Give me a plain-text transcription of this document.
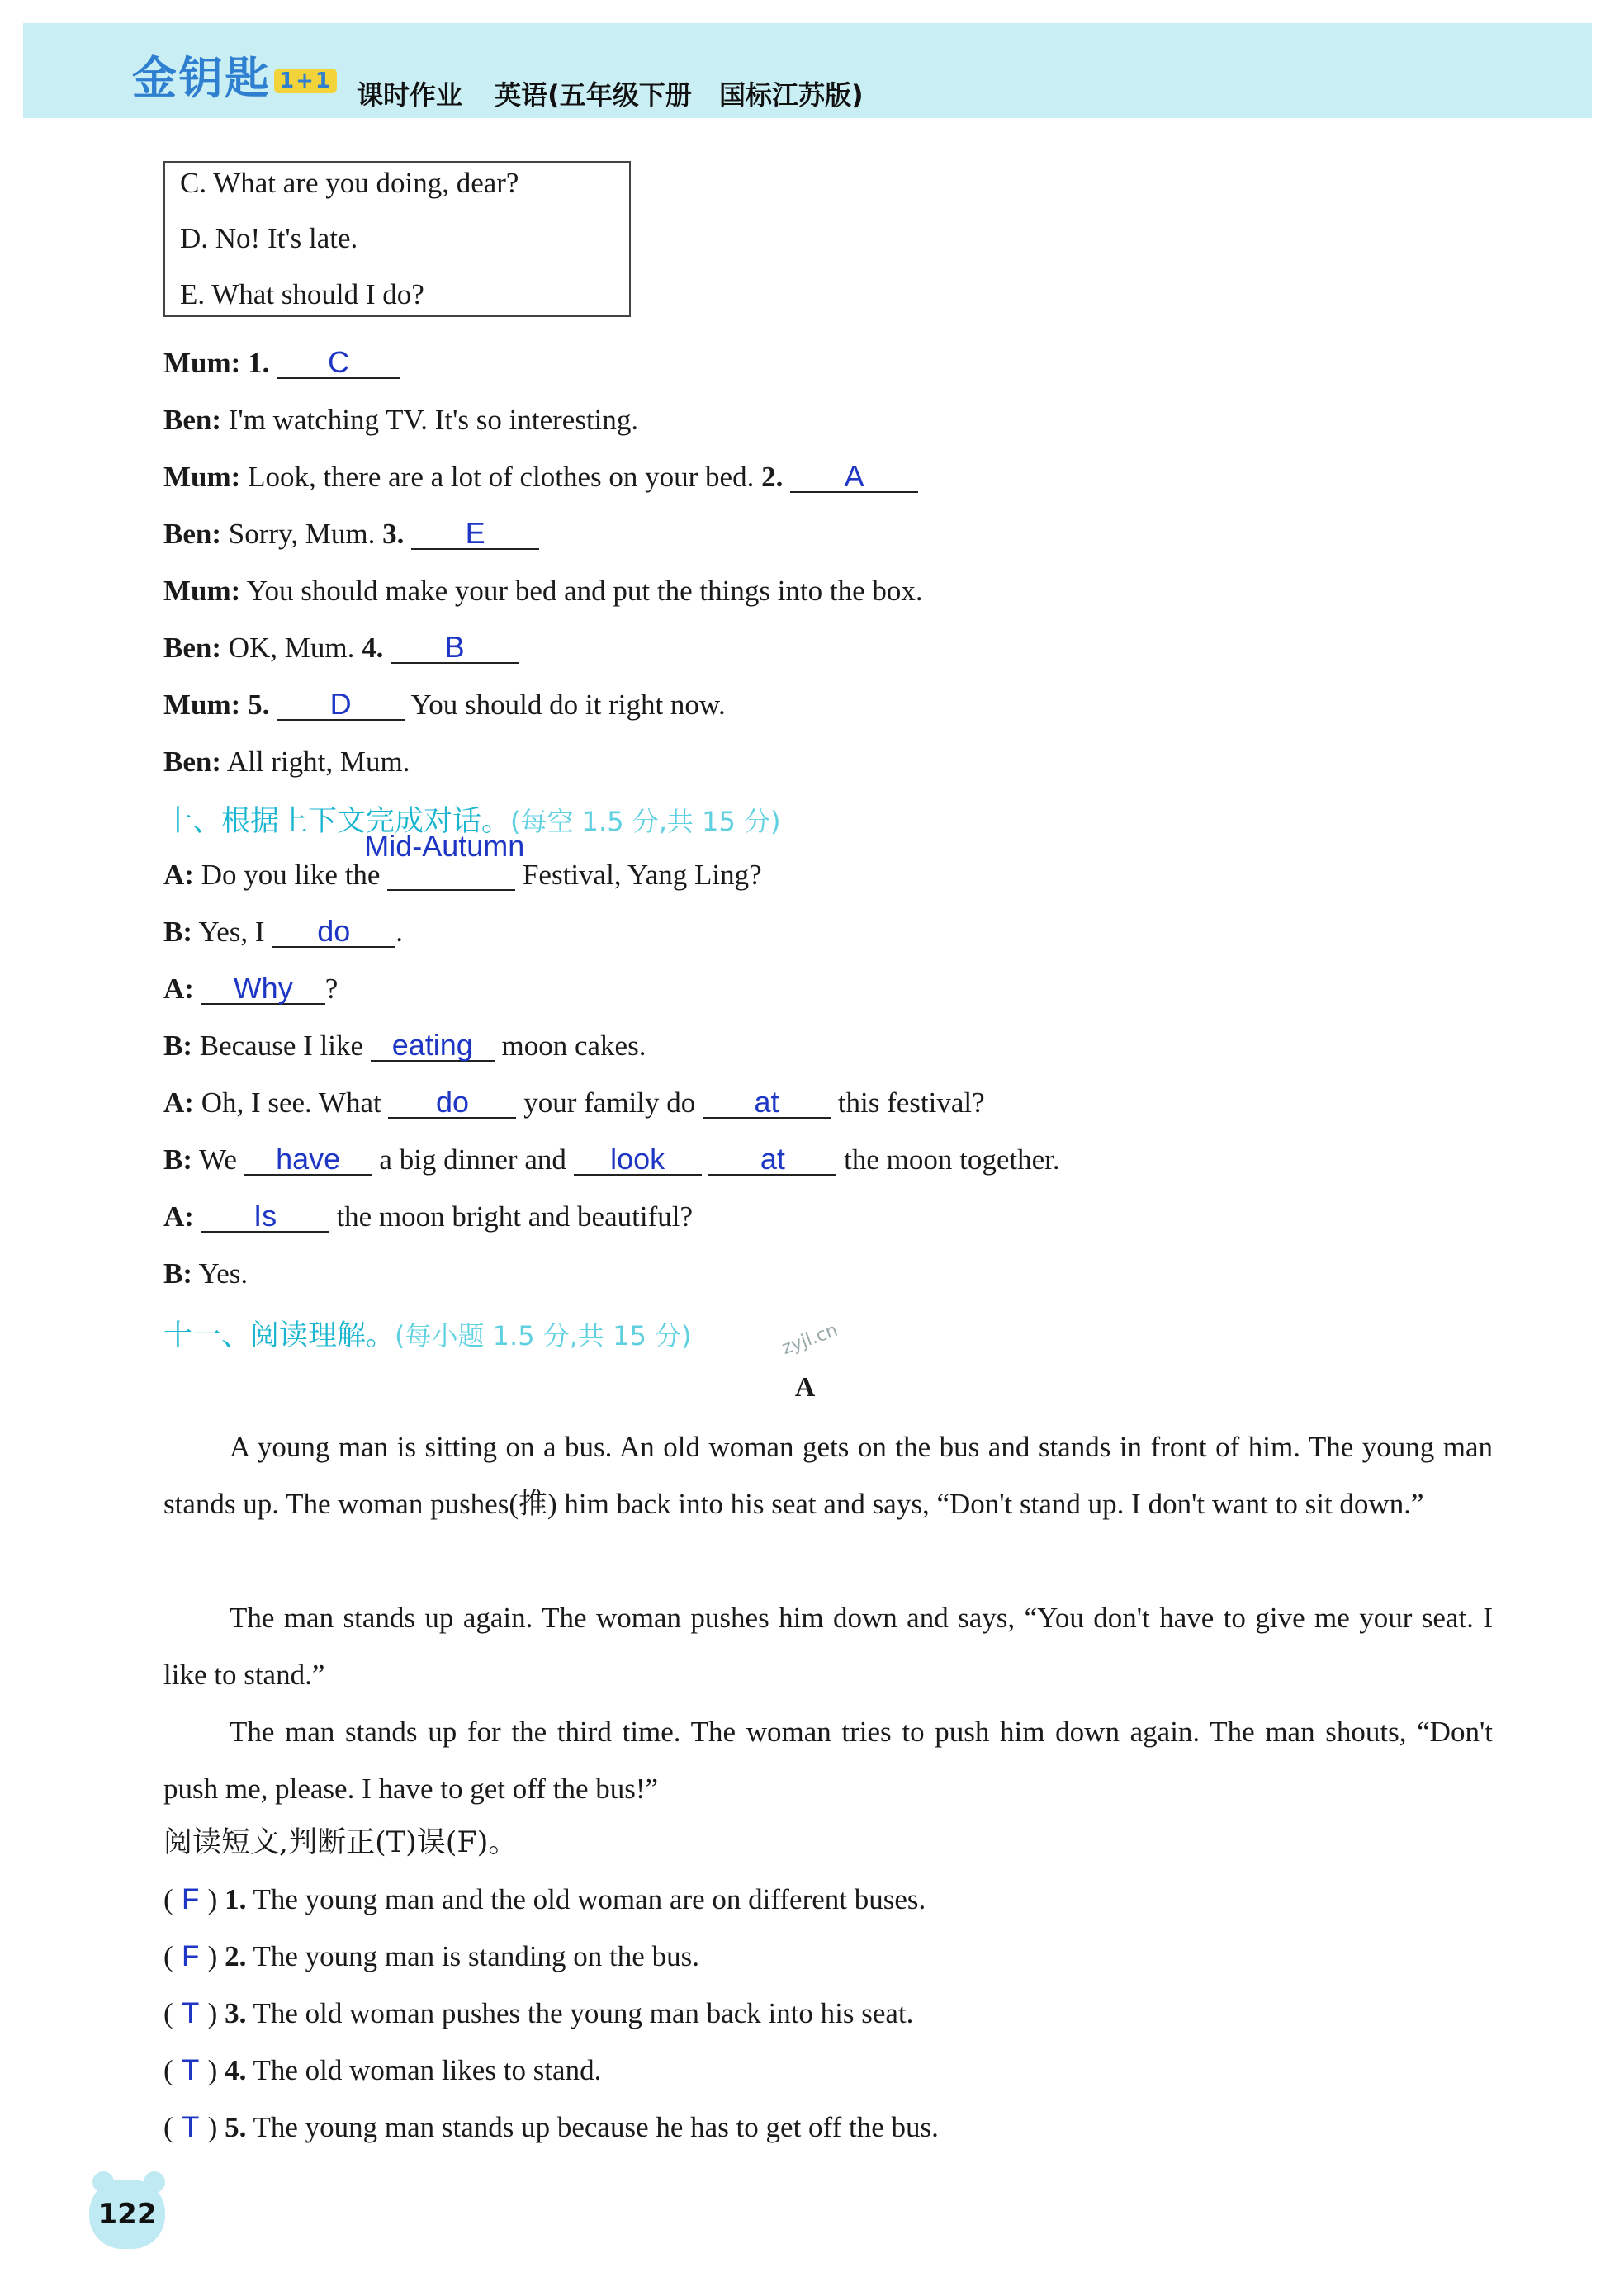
金钥匙 1+1 课时作业 英语(五年级下册 国标江苏版)
C. What are you doing, dear?
D. No! It's late.
E. What should I do?
Mum: 1. C
Ben: I'm watching TV. It's so interesting.
Mum: Look, there are a lot of clothes on your bed. 2. A
Ben: Sorry, Mum. 3. E
Mum: You should make your bed and put the things into the box.
Ben: OK, Mum. 4. B
Mum: 5. D You should do it right now.
Ben: All right, Mum.
十、根据上下文完成对话。(每空 1.5 分,共 15 分)
A: Do you like the
Mid-Autumn
Festival, Yang Ling?
B: Yes, I do .
A: Why ?
B: Because I like eating moon cakes.
A: Oh, I see. What do your family do at this festival?
B: We have a big dinner and look	at the moon together.
A: Is the moon bright and beautiful?
B: Yes.
十一、阅读理解。(每小题 1.5 分,共 15 分)	zyjl.cn
A
A young man is sitting on a bus. An old woman gets on the bus and stands in front of him. The young man stands up. The woman pushes(推) him back into his seat and says, “Don't stand up. I don't want to sit down.”
The man stands up again. The woman pushes him down and says, “You don't have to give me your seat. I like to stand.”
The man stands up for the third time. The woman tries to push him down again. The man shouts, “Don't push me, please. I have to get off the bus!”
阅读短文,判断正(T)误(F)。
( F ) 1. The young man and the old woman are on different buses.
( F ) 2. The young man is standing on the bus.
( T ) 3. The old woman pushes the young man back into his seat.
( T ) 4. The old woman likes to stand.
( T ) 5. The young man stands up because he has to get off the bus.
122
